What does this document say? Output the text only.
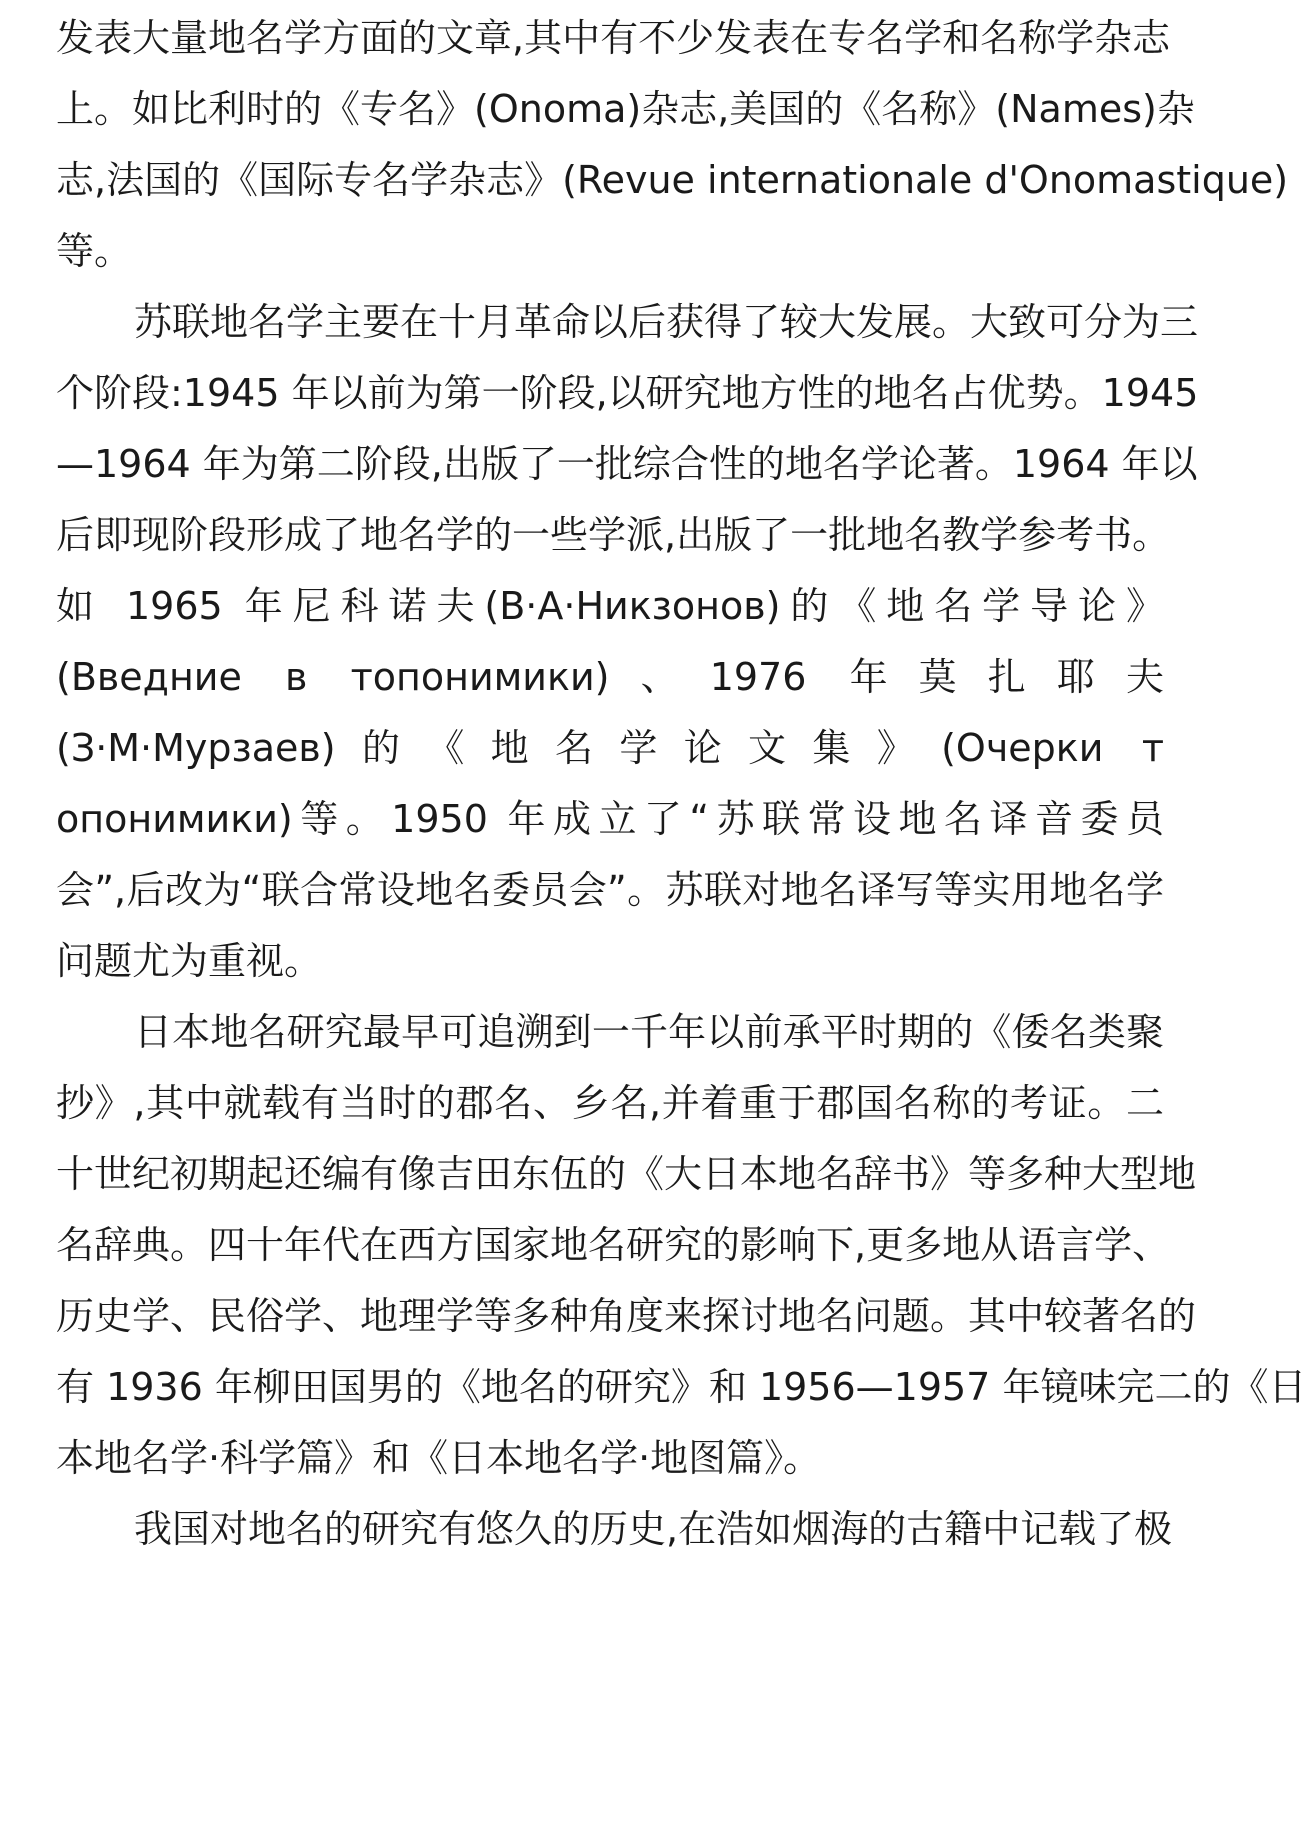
发表大量地名学方面的文章,其中有不少发表在专名学和名称学杂志
上。如比利时的《专名》(Onoma)杂志,美国的《名称》(Names)杂
志,法国的《国际专名学杂志》(Revue internationale d'Onomastique)
等。
苏联地名学主要在十月革命以后获得了较大发展。大致可分为三
个阶段:1945 年以前为第一阶段,以研究地方性的地名占优势。1945
—1964 年为第二阶段,出版了一批综合性的地名学论著。1964 年以
后即现阶段形成了地名学的一些学派,出版了一批地名教学参考书。
如 1965 年尼科诺夫(В·А·Никзонов)的《地名学导论》
(Введние в топонимики)、1976 年莫扎耶夫
(З·М·Мурзаев)的《地名学论文集》(Очерки т
опонимики)等。1950 年成立了“苏联常设地名译音委员
会”,后改为“联合常设地名委员会”。苏联对地名译写等实用地名学
问题尤为重视。
日本地名研究最早可追溯到一千年以前承平时期的《倭名类聚
抄》,其中就载有当时的郡名、乡名,并着重于郡国名称的考证。二
十世纪初期起还编有像吉田东伍的《大日本地名辞书》等多种大型地
名辞典。四十年代在西方国家地名研究的影响下,更多地从语言学、
历史学、民俗学、地理学等多种角度来探讨地名问题。其中较著名的
有 1936 年柳田国男的《地名的研究》和 1956—1957 年镜味完二的《日
本地名学·科学篇》和《日本地名学·地图篇》。
我国对地名的研究有悠久的历史,在浩如烟海的古籍中记载了极
